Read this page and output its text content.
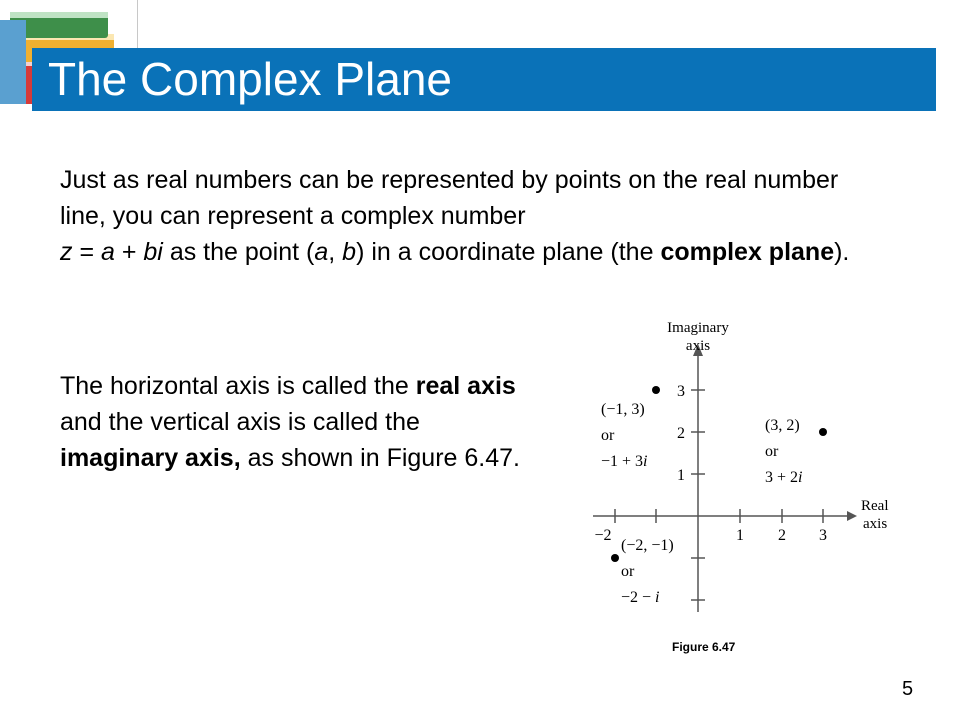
The Complex Plane
Just as real numbers can be represented by points on the real number line, you can represent a complex number
z = a + bi as the point (a, b) in a coordinate plane (the complex plane).
The horizontal axis is called the real axis and the vertical axis is called the imaginary axis, as shown in Figure 6.47.
Imaginary
axis
Real
axis
−2	1 2 3
3
2
1
(−1, 3)
or
−1 + 3i
(3, 2)
or
3 + 2i
(−2, −1)
or
−2 − i
Figure 6.47
5
